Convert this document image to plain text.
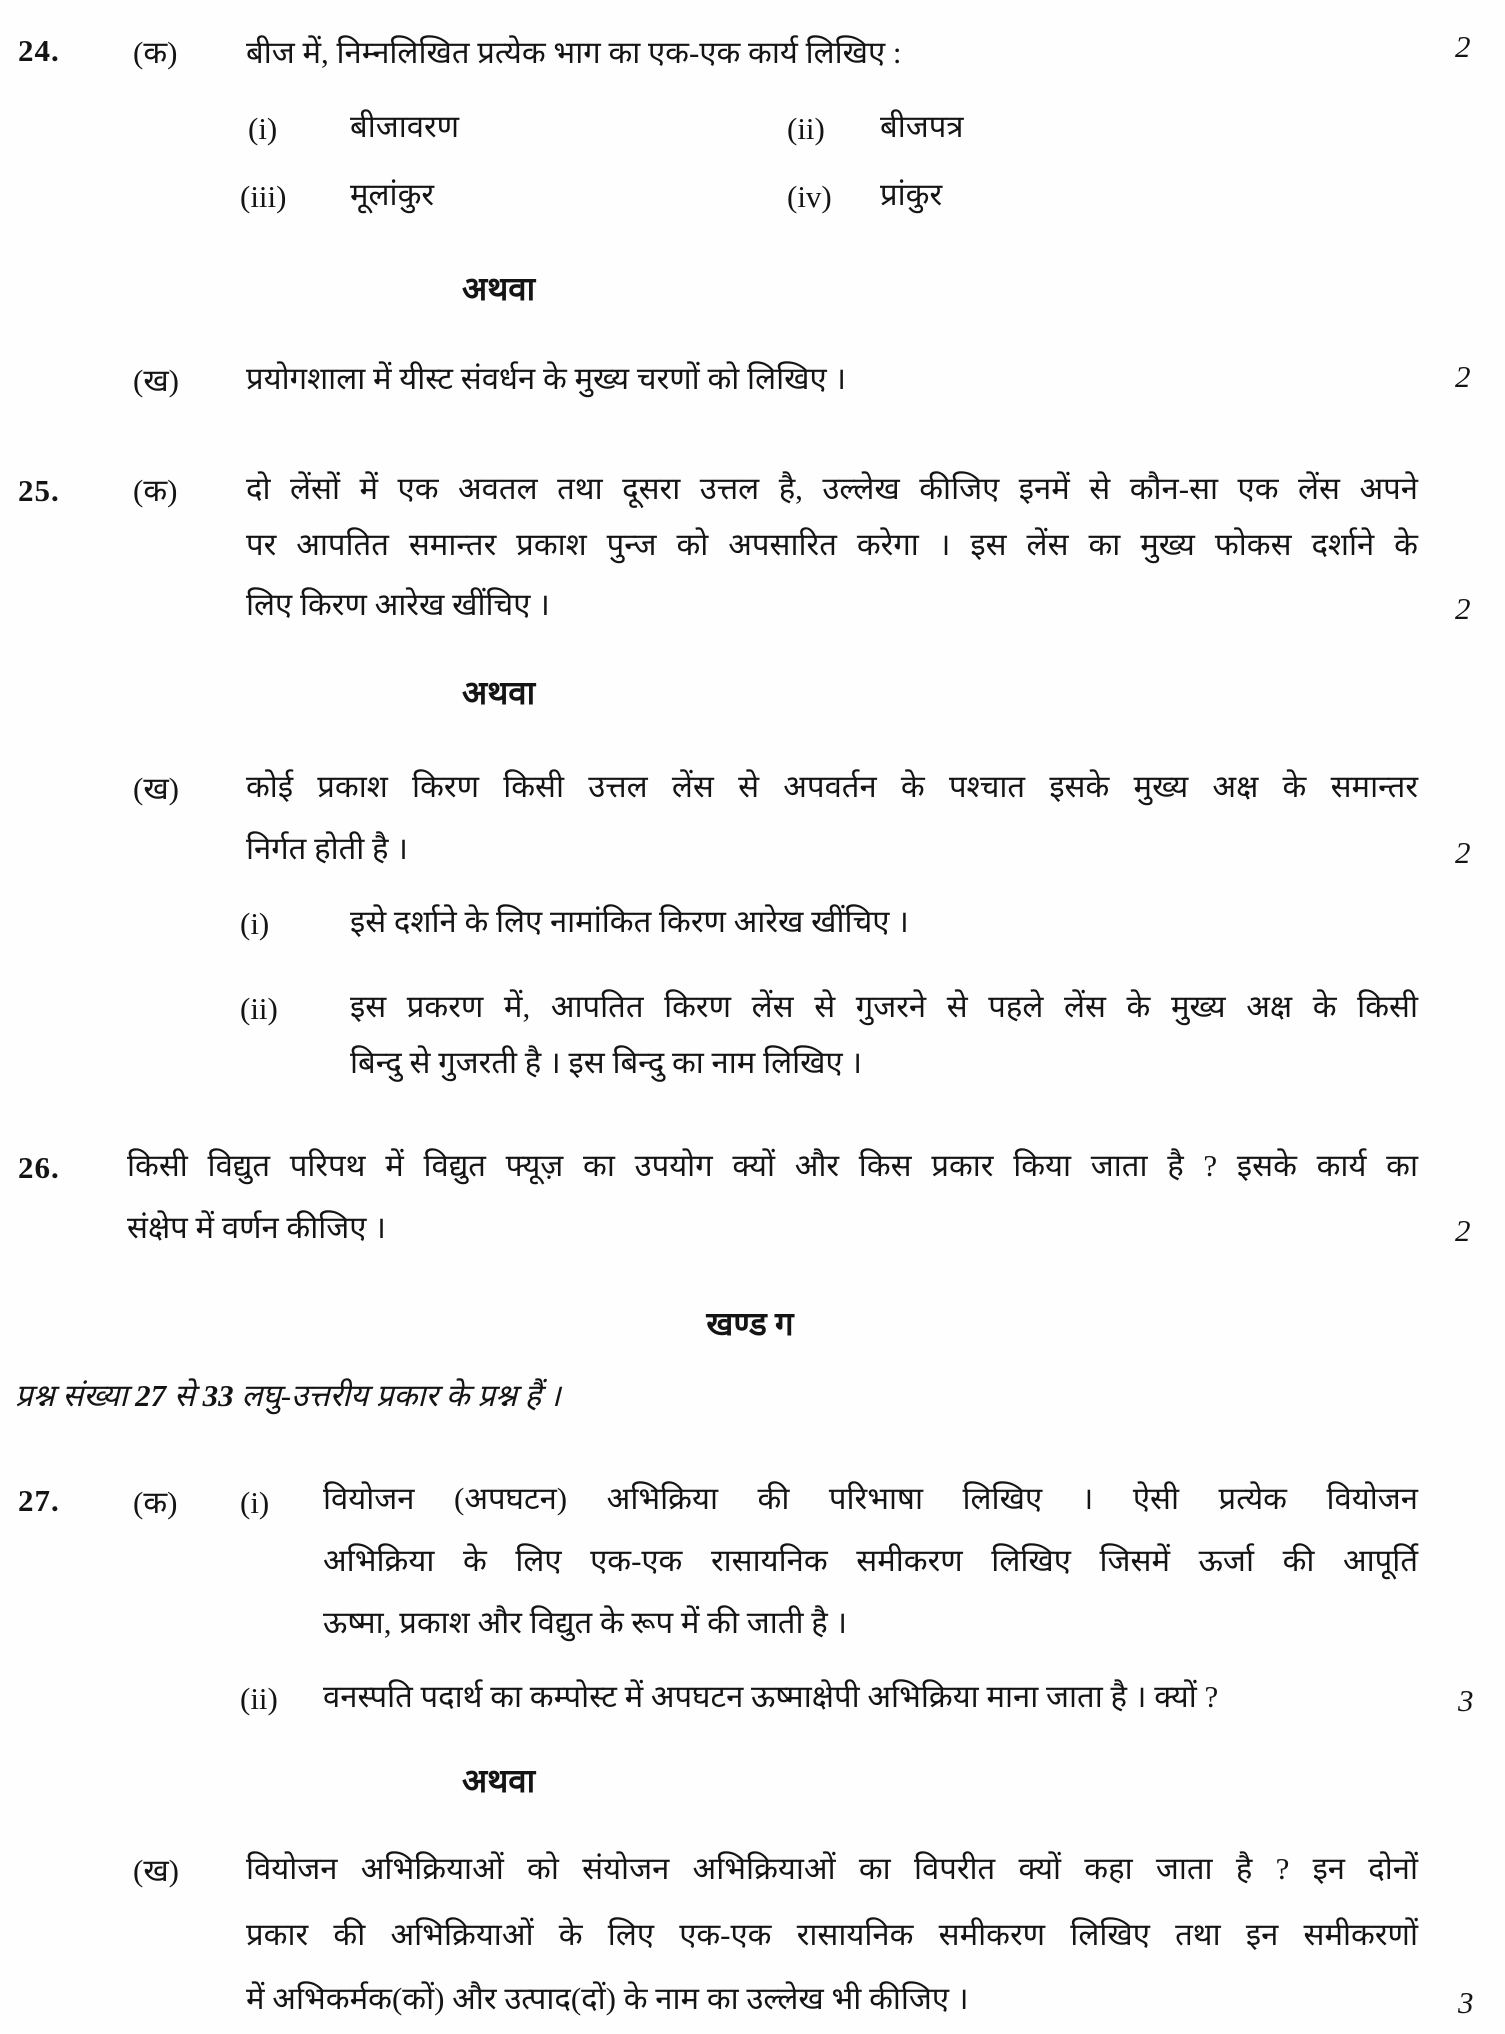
24. (क) बीज में, निम्नलिखित प्रत्येक भाग का एक-एक कार्य लिखिए :	2
(i) बीजावरण	(ii) बीजपत्र
(iii) मूलांकुर	(iv) प्रांकुर
अथवा
(ख) प्रयोगशाला में यीस्ट संवर्धन के मुख्य चरणों को लिखिए ।	2
25. (क) दो लेंसों में एक अवतल तथा दूसरा उत्तल है, उल्लेख कीजिए इनमें से कौन-सा एक लेंस अपने
पर आपतित समान्तर प्रकाश पुन्ज को अपसारित करेगा । इस लेंस का मुख्य फोकस दर्शाने के
लिए किरण आरेख खींचिए ।	2
अथवा
(ख) कोई प्रकाश किरण किसी उत्तल लेंस से अपवर्तन के पश्चात इसके मुख्य अक्ष के समान्तर
निर्गत होती है ।	2
(i)	इसे दर्शाने के लिए नामांकित किरण आरेख खींचिए ।
(ii) इस प्रकरण में, आपतित किरण लेंस से गुजरने से पहले लेंस के मुख्य अक्ष के किसी
बिन्दु से गुजरती है । इस बिन्दु का नाम लिखिए ।
26. किसी विद्युत परिपथ में विद्युत फ्यूज़ का उपयोग क्यों और किस प्रकार किया जाता है ? इसके कार्य का
संक्षेप में वर्णन कीजिए ।	2
खण्ड ग
प्रश्न संख्या 27 से 33 लघु-उत्तरीय प्रकार के प्रश्न हैं ।
27. (क) (i) वियोजन (अपघटन) अभिक्रिया की परिभाषा लिखिए । ऐसी प्रत्येक वियोजन
अभिक्रिया के लिए एक-एक रासायनिक समीकरण लिखिए जिसमें ऊर्जा की आपूर्ति
ऊष्मा, प्रकाश और विद्युत के रूप में की जाती है ।
(ii) वनस्पति पदार्थ का कम्पोस्ट में अपघटन ऊष्माक्षेपी अभिक्रिया माना जाता है । क्यों ?	3
अथवा
(ख) वियोजन अभिक्रियाओं को संयोजन अभिक्रियाओं का विपरीत क्यों कहा जाता है ? इन दोनों
प्रकार की अभिक्रियाओं के लिए एक-एक रासायनिक समीकरण लिखिए तथा इन समीकरणों
में अभिकर्मक(कों) और उत्पाद(दों) के नाम का उल्लेख भी कीजिए ।	3
